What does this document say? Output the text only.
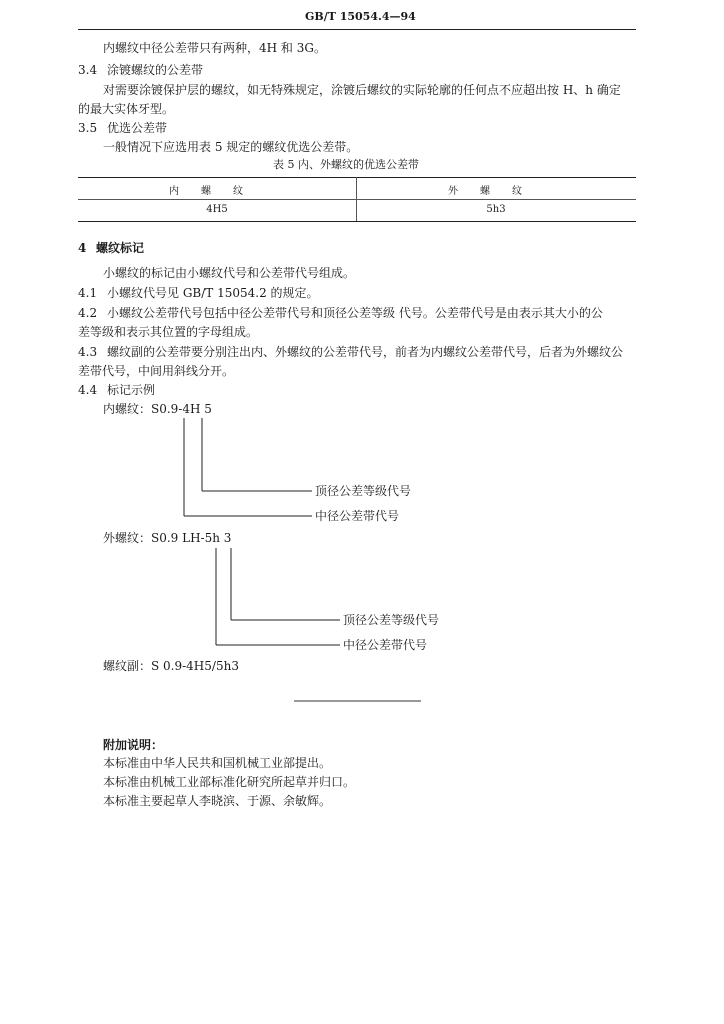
GB/T 15054.4—94
内螺纹中径公差带只有两种，4H 和 3G。
3.4 涂镀螺纹的公差带
对需要涂镀保护层的螺纹，如无特殊规定，涂镀后螺纹的实际轮廓的任何点不应超出按 H、h 确定
的最大实体牙型。
3.5 优选公差带
一般情况下应选用表 5 规定的螺纹优选公差带。
表 5 内、外螺纹的优选公差带
内螺纹	外螺纹
4H5	5h3
4 螺纹标记
小螺纹的标记由小螺纹代号和公差带代号组成。
4.1 小螺纹代号见 GB/T 15054.2 的规定。
4.2 小螺纹公差带代号包括中径公差带代号和顶径公差等级 代号。公差带代号是由表示其大小的公
差等级和表示其位置的字母组成。
4.3 螺纹副的公差带要分别注出内、外螺纹的公差带代号，前者为内螺纹公差带代号，后者为外螺纹公
差带代号，中间用斜线分开。
4.4 标记示例
内螺纹：S0.9-4H 5
顶径公差等级代号
中径公差带代号
外螺纹：S0.9 LH-5h 3
顶径公差等级代号
中径公差带代号
螺纹副：S 0.9-4H5/5h3
附加说明：
本标准由中华人民共和国机械工业部提出。
本标准由机械工业部标准化研究所起草并归口。
本标准主要起草人李晓滨、于源、余敏辉。
